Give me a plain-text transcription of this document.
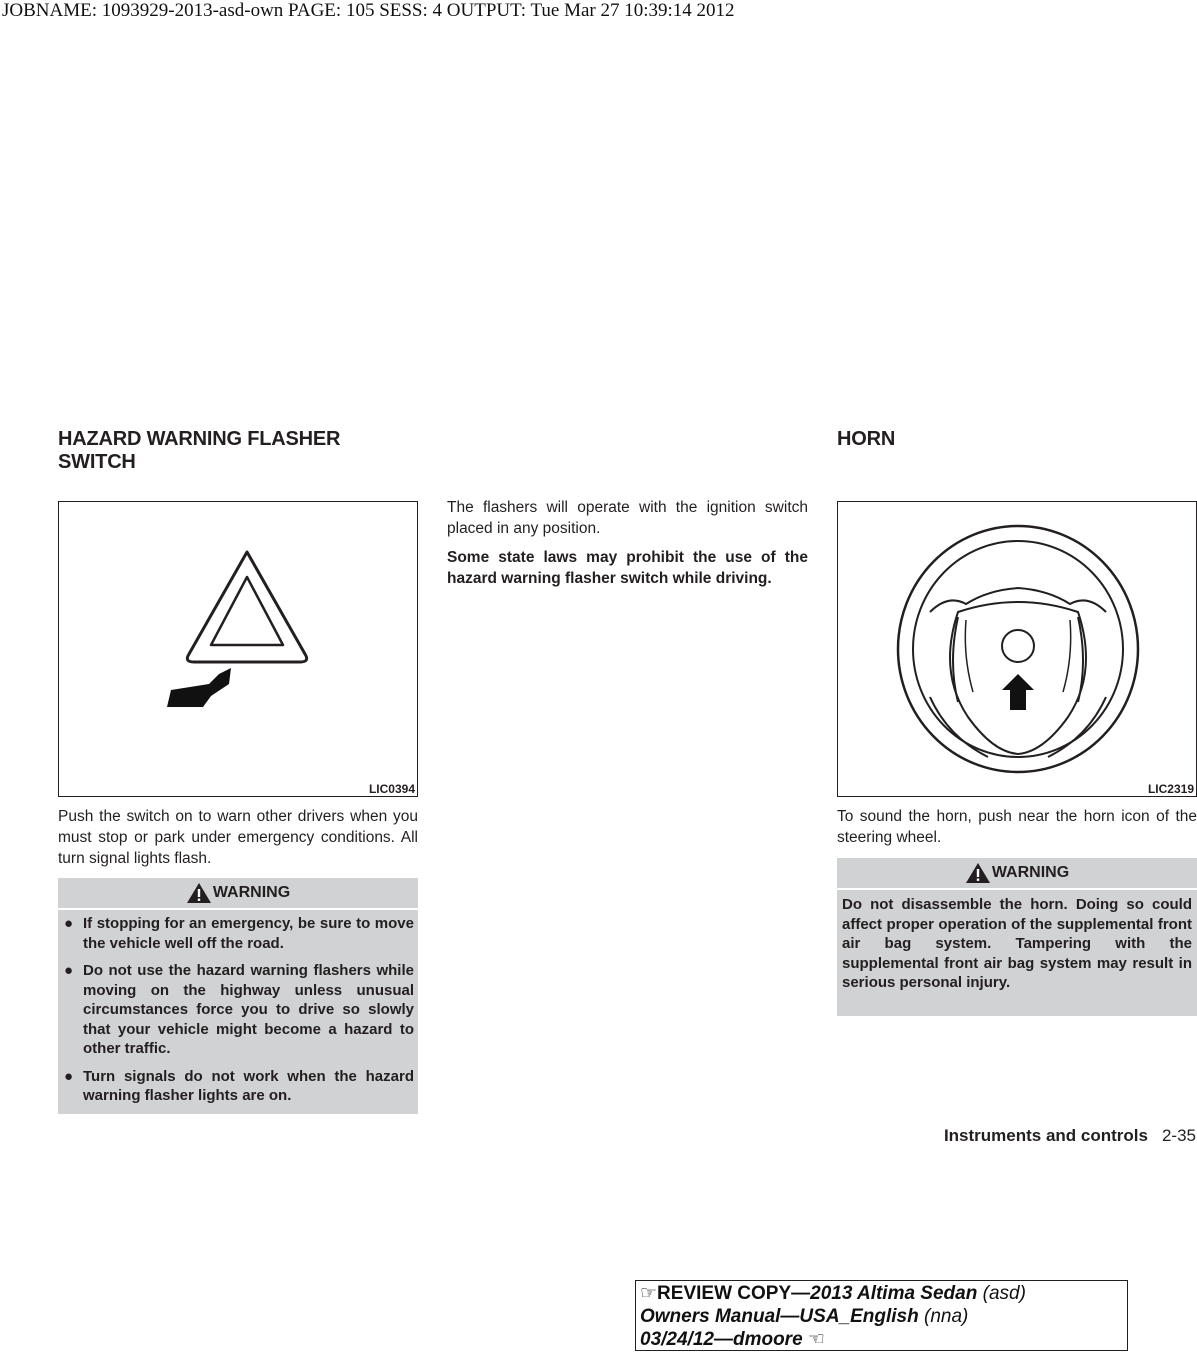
JOBNAME: 1093929-2013-asd-own PAGE: 105 SESS: 4 OUTPUT: Tue Mar 27 10:39:14 2012
HAZARD WARNING FLASHER
SWITCH
LIC0394

Push the switch on to warn other drivers when you must stop or park under emergency conditions. All turn signal lights flash.

WARNING
● If stopping for an emergency, be sure to move the vehicle well off the road.
● Do not use the hazard warning flashers while moving on the highway unless unusual circumstances force you to drive so slowly that your vehicle might become a hazard to other traffic.
● Turn signals do not work when the hazard warning flasher lights are on.

The flashers will operate with the ignition switch placed in any position.

Some state laws may prohibit the use of the hazard warning flasher switch while driving.

HORN
LIC2319

To sound the horn, push near the horn icon of the steering wheel.

WARNING

Do not disassemble the horn. Doing so could affect proper operation of the supplemental front air bag system. Tampering with the supplemental front air bag system may result in serious personal injury.

Instruments and controls 2-35
☞REVIEW COPY—2013 Altima Sedan (asd)
Owners Manual—USA_English (nna)
03/24/12—dmoore ☜
